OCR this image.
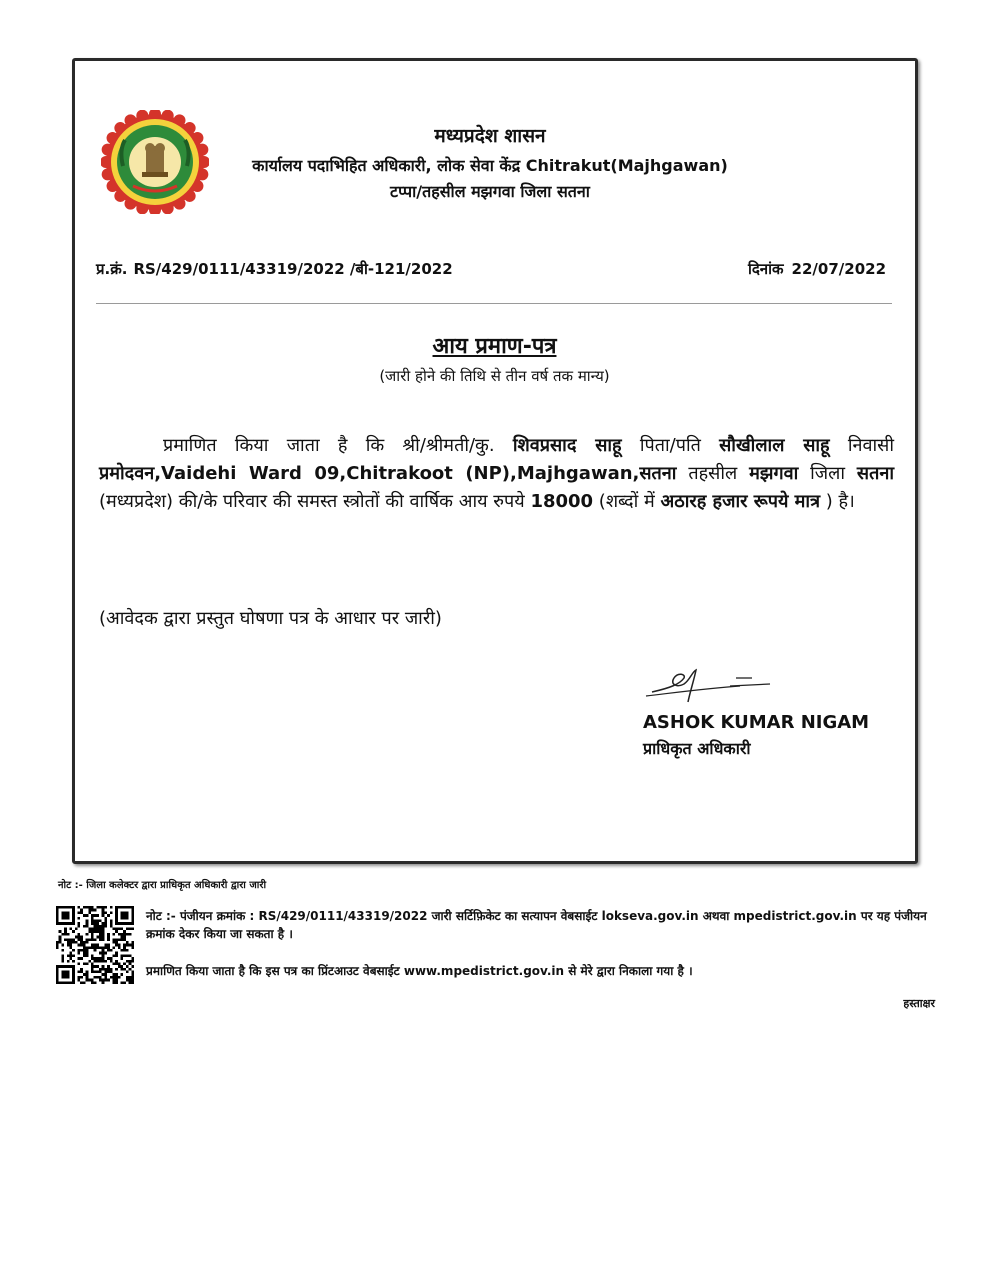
मध्यप्रदेश शासन
कार्यालय पदाभिहित अधिकारी, लोक सेवा केंद्र Chitrakut(Majhgawan)
टप्पा/तहसील मझगवा जिला सतना
प्र.क्रं. RS/429/0111/43319/2022 /बी-121/2022	दिनांक 22/07/2022
आय प्रमाण-पत्र
(जारी होने की तिथि से तीन वर्ष तक मान्य)
प्रमाणित किया जाता है कि श्री/श्रीमती/कु. शिवप्रसाद साहू पिता/पति सौखीलाल साहू निवासी प्रमोदवन,Vaidehi Ward 09,Chitrakoot (NP),Majhgawan,सतना तहसील मझगवा जिला सतना (मध्यप्रदेश) की/के परिवार की समस्त स्त्रोतों की वार्षिक आय रुपये 18000 (शब्दों में अठारह हजार रूपये मात्र ) है।
(आवेदक द्वारा प्रस्तुत घोषणा पत्र के आधार पर जारी)
ASHOK KUMAR NIGAM
प्राधिकृत अधिकारी
नोट :- जिला कलेक्टर द्वारा प्राधिकृत अधिकारी द्वारा जारी
नोट :- पंजीयन क्रमांक : RS/429/0111/43319/2022 जारी सर्टिफ़िकेट का सत्यापन वेबसाईट lokseva.gov.in अथवा mpedistrict.gov.in पर यह पंजीयन क्रमांक देकर किया जा सकता है ।
प्रमाणित किया जाता है कि इस पत्र का प्रिंटआउट वेबसाईट www.mpedistrict.gov.in से मेरे द्वारा निकाला गया है ।
हस्ताक्षर
